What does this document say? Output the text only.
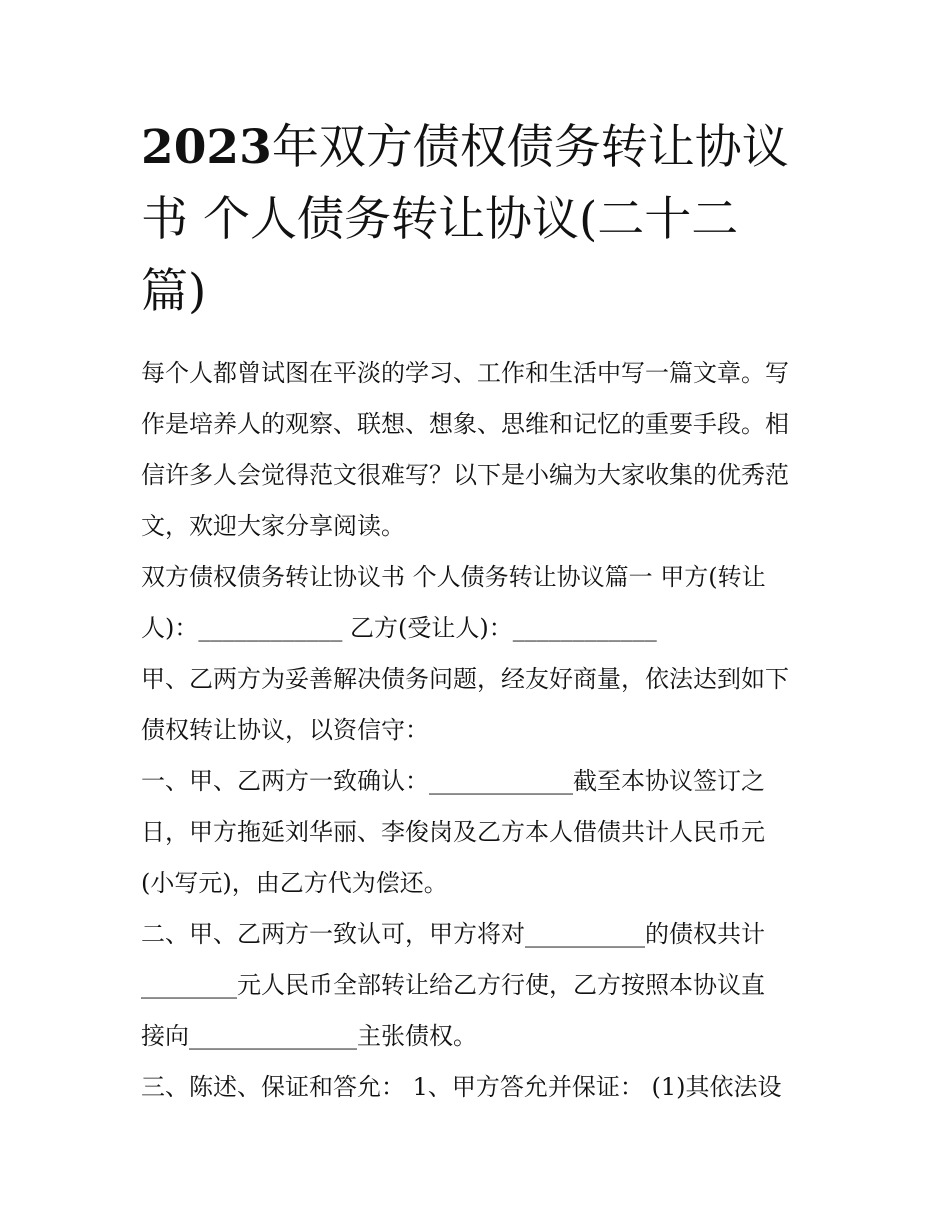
2023年双方债权债务转让协议
书 个人债务转让协议(二十二
篇)

每个人都曾试图在平淡的学习、工作和生活中写一篇文章。写
作是培养人的观察、联想、想象、思维和记忆的重要手段。相
信许多人会觉得范文很难写？以下是小编为大家收集的优秀范
文，欢迎大家分享阅读。

双方债权债务转让协议书 个人债务转让协议篇一 甲方(转让
人)：____________ 乙方(受让人)：____________

甲、乙两方为妥善解决债务问题，经友好商量，依法达到如下
债权转让协议，以资信守：

一、甲、乙两方一致确认：____________截至本协议签订之
日，甲方拖延刘华丽、李俊岗及乙方本人借债共计人民币元
(小写元)，由乙方代为偿还。

二、甲、乙两方一致认可，甲方将对__________的债权共计
________元人民币全部转让给乙方行使，乙方按照本协议直
接向______________主张债权。

三、陈述、保证和答允： 1、甲方答允并保证： (1)其依法设
